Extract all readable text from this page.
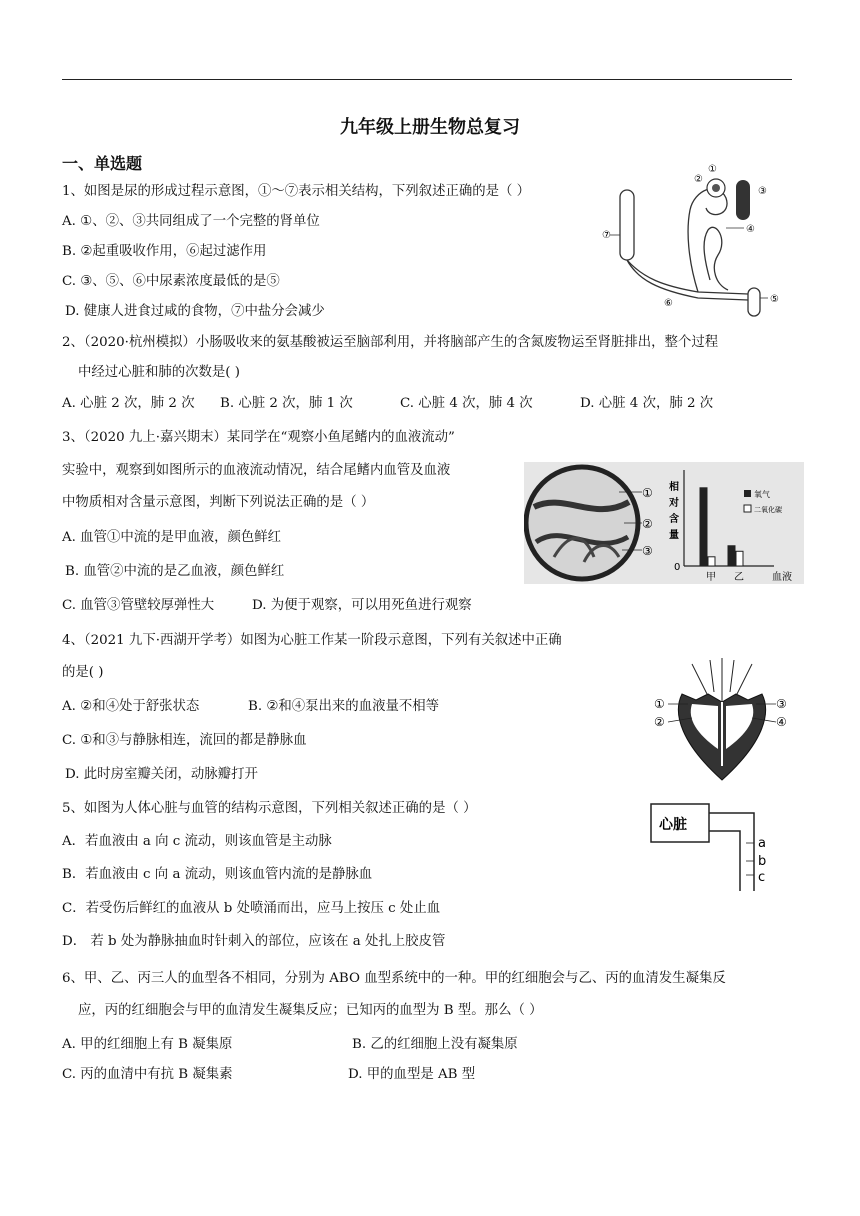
九年级上册生物总复习
一、单选题
1、如图是尿的形成过程示意图，①～⑦表示相关结构，下列叙述正确的是（ ）
A. ①、②、③共同组成了一个完整的肾单位
B. ②起重吸收作用，⑥起过滤作用
C. ③、⑤、⑥中尿素浓度最低的是⑤
D. 健康人进食过咸的食物，⑦中盐分会减少
①
②
③
④
⑤
⑥
⑦
2、（2020·杭州模拟）小肠吸收来的氨基酸被运至脑部利用，并将脑部产生的含氮废物运至肾脏排出，整个过程
中经过心脏和肺的次数是( )
A. 心脏 2 次，肺 2 次 B. 心脏 2 次，肺 1 次	C. 心脏 4 次，肺 4 次	D. 心脏 4 次，肺 2 次
3、（2020 九上·嘉兴期末）某同学在“观察小鱼尾鳍内的血液流动”
实验中，观察到如图所示的血液流动情况，结合尾鳍内血管及血液
中物质相对含量示意图，判断下列说法正确的是（ ）
A. 血管①中流的是甲血液，颜色鲜红
B. 血管②中流的是乙血液，颜色鲜红
C. 血管③管壁较厚弹性大	D. 为便于观察，可以用死鱼进行观察
①
②
③
相
对
含
量
0
氧气
二氧化碳
甲 乙	血液
4、（2021 九下·西湖开学考）如图为心脏工作某一阶段示意图，下列有关叙述中正确
的是( )
A. ②和④处于舒张状态	B. ②和④泵出来的血液量不相等
C. ①和③与静脉相连，流回的都是静脉血
D. 此时房室瓣关闭，动脉瓣打开
①
②
③
④
5、如图为人体心脏与血管的结构示意图，下列相关叙述正确的是（ ）
A．若血液由 a 向 c 流动，则该血管是主动脉
B．若血液由 c 向 a 流动，则该血管内流的是静脉血
C．若受伤后鲜红的血液从 b 处喷涌而出，应马上按压 c 处止血
D． 若 b 处为静脉抽血时针刺入的部位，应该在 a 处扎上胶皮管
心脏
a
b
c
6、甲、乙、丙三人的血型各不相同，分别为 ABO 血型系统中的一种。甲的红细胞会与乙、丙的血清发生凝集反
应，丙的红细胞会与甲的血清发生凝集反应；已知丙的血型为 B 型。那么（ ）
A. 甲的红细胞上有 B 凝集原	B. 乙的红细胞上没有凝集原
C. 丙的血清中有抗 B 凝集素	D. 甲的血型是 AB 型
